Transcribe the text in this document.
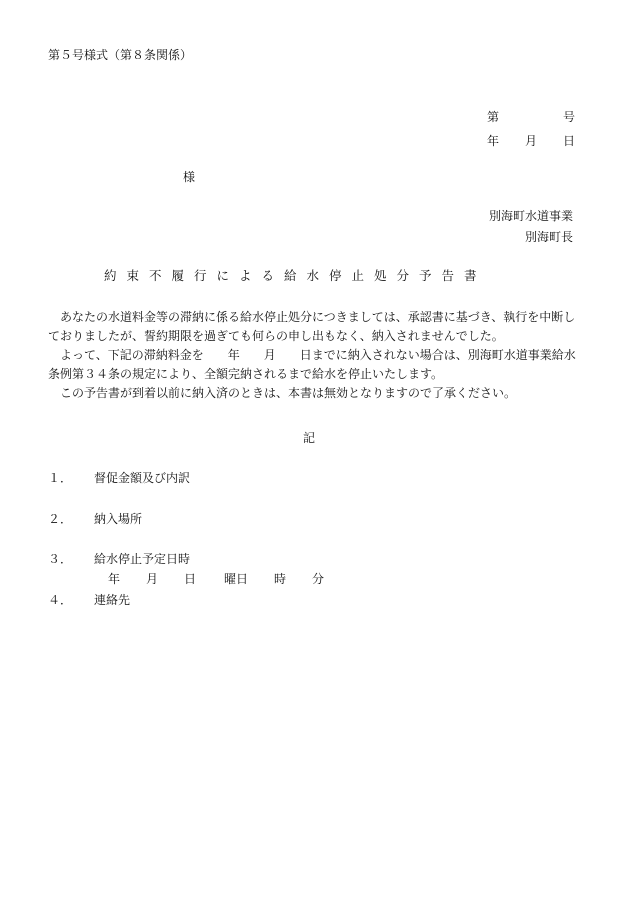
第５号様式（第８条関係）
第	号
年 月 日
様
別海町水道事業
別海町長
約束不履行による給水停止処分予告書

あなたの水道料金等の滞納に係る給水停止処分につきましては、承認書に基づき、執行を中断しておりましたが、誓約期限を過ぎても何らの申し出もなく、納入されませんでした。

よって、下記の滞納料金を　　年　　月　　日までに納入されない場合は、別海町水道事業給水条例第３４条の規定により、全額完納されるまで給水を停止いたします。

この予告書が到着以前に納入済のときは、本書は無効となりますので了承ください。

記
１． 督促金額及び内訳
２． 納入場所
３． 給水停止予定日時
年 月 日 曜日 時 分
４． 連絡先
